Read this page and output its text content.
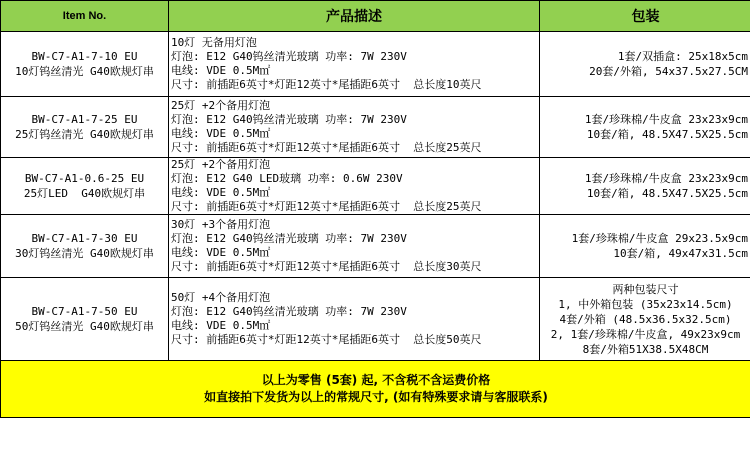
Item No.	产品描述	包装

BW-C7-A1-7-10 EU
10灯钨丝清光 G40欧规灯串	10灯 无备用灯泡
灯泡: E12 G40钨丝清光玻璃 功率: 7W 230V
电线: VDE 0.5M㎡
尺寸: 前插距6英寸*灯距12英寸*尾插距6英寸  总长度10英尺	1套/双插盒: 25x18x5cm
20套/外箱, 54x37.5x27.5CM

BW-C7-A1-7-25 EU
25灯钨丝清光 G40欧规灯串	25灯 +2个备用灯泡
灯泡: E12 G40钨丝清光玻璃 功率: 7W 230V
电线: VDE 0.5M㎡
尺寸: 前插距6英寸*灯距12英寸*尾插距6英寸  总长度25英尺	1套/珍珠棉/牛皮盒 23x23x9cm
10套/箱, 48.5X47.5X25.5cm

BW-C7-A1-0.6-25 EU
25灯LED  G40欧规灯串	25灯 +2个备用灯泡
灯泡: E12 G40 LED玻璃 功率: 0.6W 230V
电线: VDE 0.5M㎡
尺寸: 前插距6英寸*灯距12英寸*尾插距6英寸  总长度25英尺	1套/珍珠棉/牛皮盒 23x23x9cm
10套/箱, 48.5X47.5X25.5cm

BW-C7-A1-7-30 EU
30灯钨丝清光 G40欧规灯串	30灯 +3个备用灯泡
灯泡: E12 G40钨丝清光玻璃 功率: 7W 230V
电线: VDE 0.5M㎡
尺寸: 前插距6英寸*灯距12英寸*尾插距6英寸  总长度30英尺	1套/珍珠棉/牛皮盒 29x23.5x9cm
10套/箱, 49x47x31.5cm

BW-C7-A1-7-50 EU
50灯钨丝清光 G40欧规灯串	50灯 +4个备用灯泡
灯泡: E12 G40钨丝清光玻璃 功率: 7W 230V
电线: VDE 0.5M㎡
尺寸: 前插距6英寸*灯距12英寸*尾插距6英寸  总长度50英尺	两种包装尺寸
1, 中外箱包装 (35x23x14.5cm)
4套/外箱 (48.5x36.5x32.5cm)
2, 1套/珍珠棉/牛皮盒, 49x23x9cm
8套/外箱51X38.5X48CM

以上为零售 (5套) 起, 不含税不含运费价格
如直接拍下发货为以上的常规尺寸, (如有特殊要求请与客服联系)		
